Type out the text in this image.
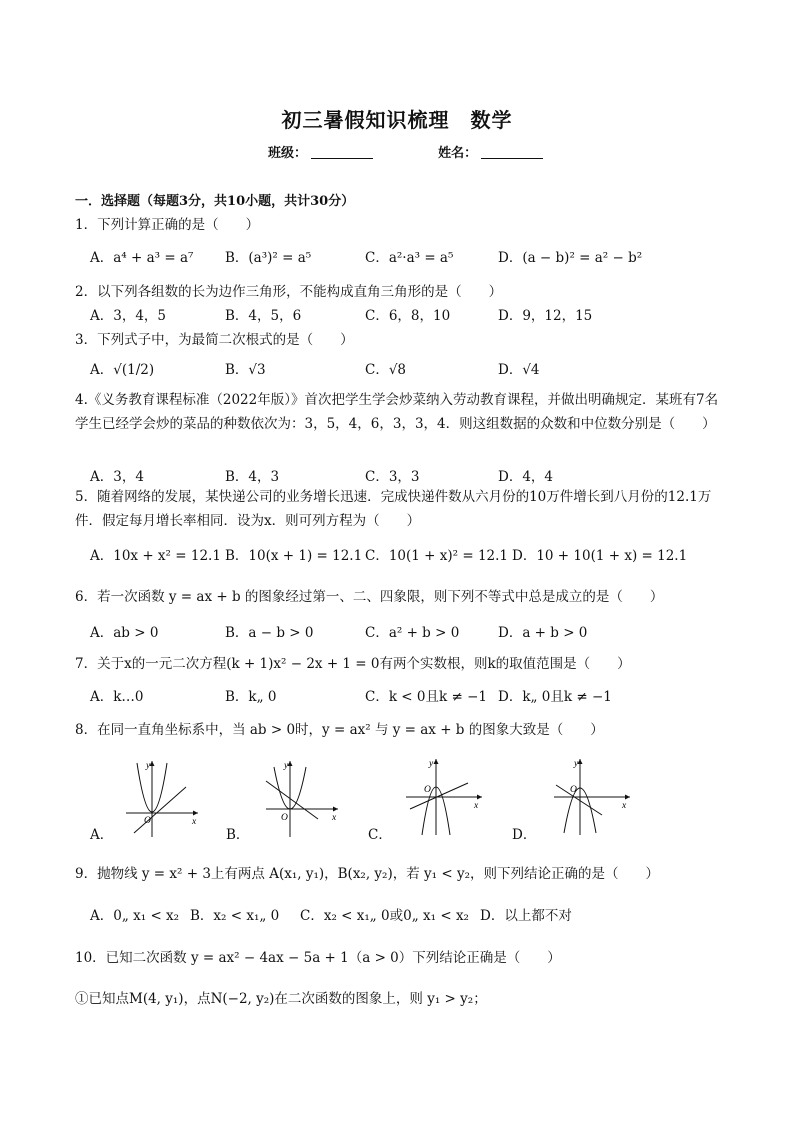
初三暑假知识梳理　数学
班级：	姓名：
一．选择题（每题3分，共10小题，共计30分）
1．下列计算正确的是（　　）
A．a⁴ + a³ = a⁷ B．(a³)² = a⁵	C．a²·a³ = a⁵	D．(a − b)² = a² − b²
2．以下列各组数的长为边作三角形，不能构成直角三角形的是（　　）
A．3，4，5	B．4，5，6	C．6，8，10	D．9，12，15
3．下列式子中，为最简二次根式的是（　　）
A．√(1/2)	B．√3	C．√8	D．√4
4.《义务教育课程标准（2022年版）》首次把学生学会炒菜纳入劳动教育课程，并做出明确规定．某班有7名学生已经学会炒的菜品的种数依次为：3，5，4，6，3，3，4．则这组数据的众数和中位数分别是（　　）
A．3，4	B．4，3	C．3，3	D．4，4
5．随着网络的发展，某快递公司的业务增长迅速．完成快递件数从六月份的10万件增长到八月份的12.1万件．假定每月增长率相同．设为x．则可列方程为（　　）
A．10x + x² = 12.1 B．10(x + 1) = 12.1 C．10(1 + x)² = 12.1 D．10 + 10(1 + x) = 12.1
6．若一次函数 y = ax + b 的图象经过第一、二、四象限，则下列不等式中总是成立的是（　　）
A．ab > 0	B．a − b > 0	C．a² + b > 0	D．a + b > 0
7．关于x的一元二次方程(k + 1)x² − 2x + 1 = 0有两个实数根，则k的取值范围是（　　）
A．k…0	B．k„ 0	C．k < 0且k ≠ −1 D．k„ 0且k ≠ −1
8．在同一直角坐标系中，当 ab > 0时，y = ax² 与 y = ax + b 的图象大致是（　　）
O
y
x
A．
O
y
x
B．
O
y
x
C．
O
y
x
D．
9．抛物线 y = x² + 3上有两点 A(x₁, y₁)，B(x₂, y₂)，若 y₁ < y₂，则下列结论正确的是（　　）
A．0„ x₁ < x₂ B．x₂ < x₁„ 0 C．x₂ < x₁„ 0或0„ x₁ < x₂ D．以上都不对
10．已知二次函数 y = ax² − 4ax − 5a + 1（a > 0）下列结论正确是（　　）
①已知点M(4, y₁)，点N(−2, y₂)在二次函数的图象上，则 y₁ > y₂；
